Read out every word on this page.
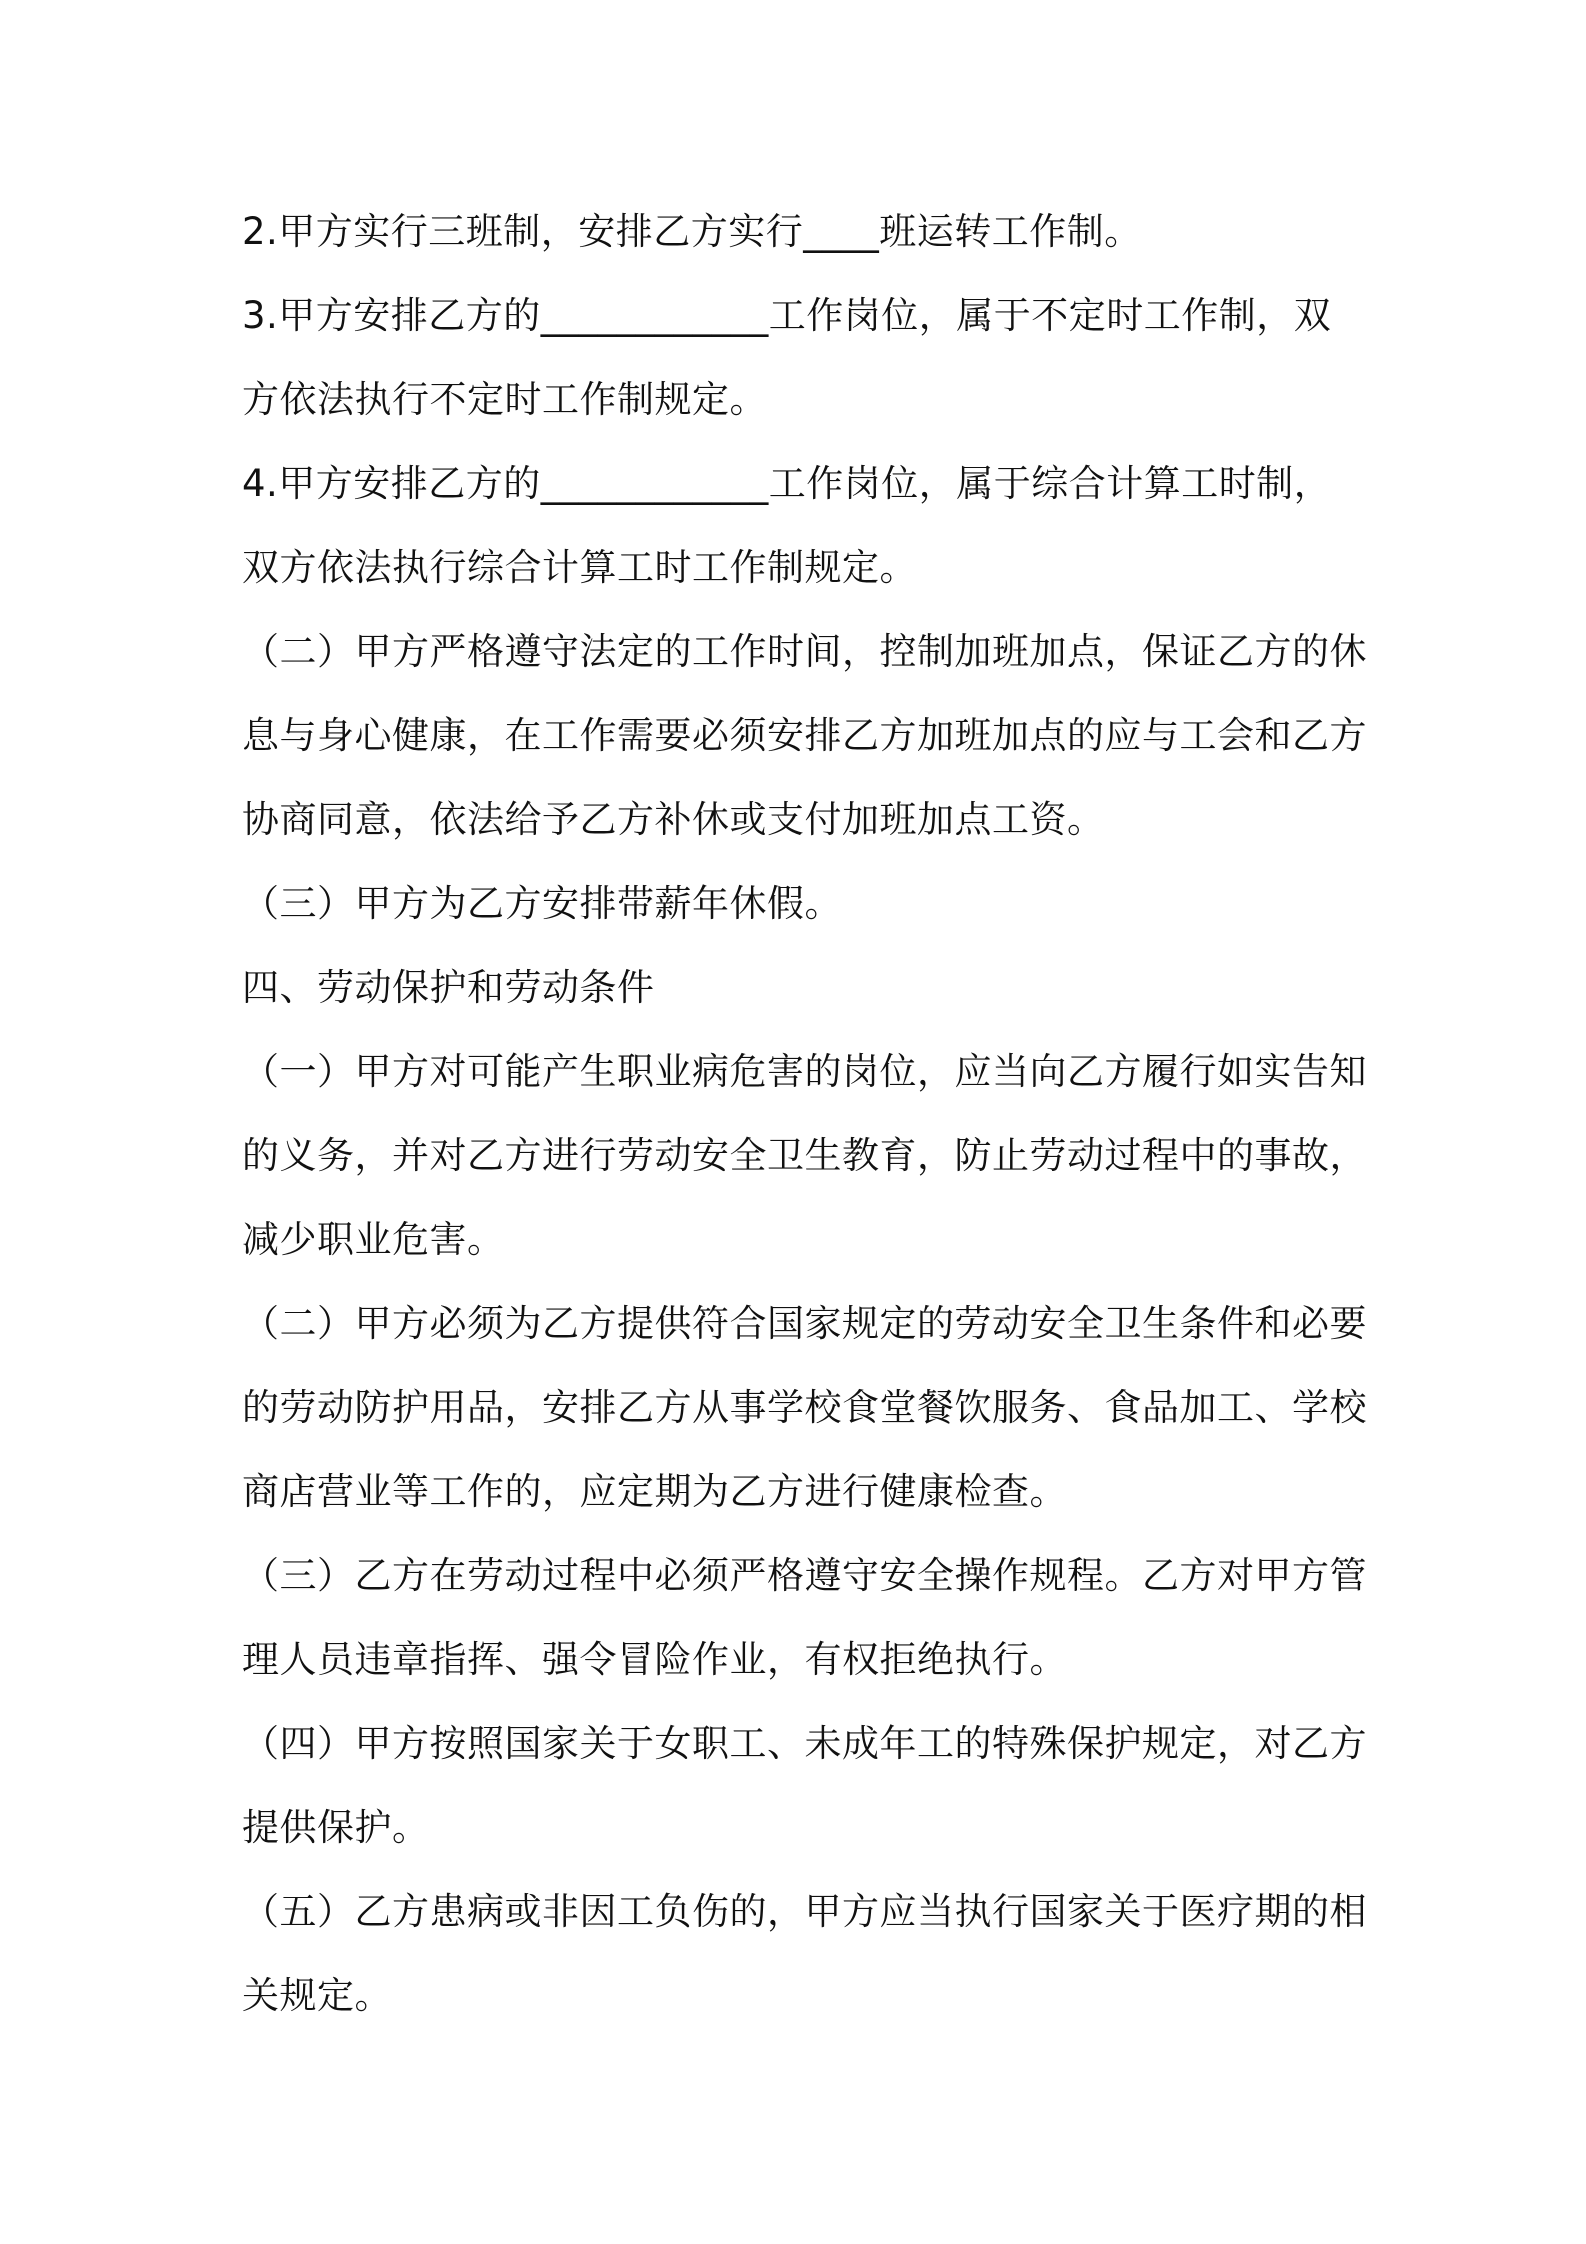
2.甲方实行三班制，安排乙方实行____班运转工作制。
3.甲方安排乙方的____________工作岗位，属于不定时工作制，双
方依法执行不定时工作制规定。
4.甲方安排乙方的____________工作岗位，属于综合计算工时制，
双方依法执行综合计算工时工作制规定。
（二）甲方严格遵守法定的工作时间，控制加班加点，保证乙方的休
息与身心健康，在工作需要必须安排乙方加班加点的应与工会和乙方
协商同意，依法给予乙方补休或支付加班加点工资。
（三）甲方为乙方安排带薪年休假。
四、劳动保护和劳动条件
（一）甲方对可能产生职业病危害的岗位，应当向乙方履行如实告知
的义务，并对乙方进行劳动安全卫生教育，防止劳动过程中的事故，
减少职业危害。
（二）甲方必须为乙方提供符合国家规定的劳动安全卫生条件和必要
的劳动防护用品，安排乙方从事学校食堂餐饮服务、食品加工、学校
商店营业等工作的，应定期为乙方进行健康检查。
（三）乙方在劳动过程中必须严格遵守安全操作规程。乙方对甲方管
理人员违章指挥、强令冒险作业，有权拒绝执行。
（四）甲方按照国家关于女职工、未成年工的特殊保护规定，对乙方
提供保护。
（五）乙方患病或非因工负伤的，甲方应当执行国家关于医疗期的相
关规定。
